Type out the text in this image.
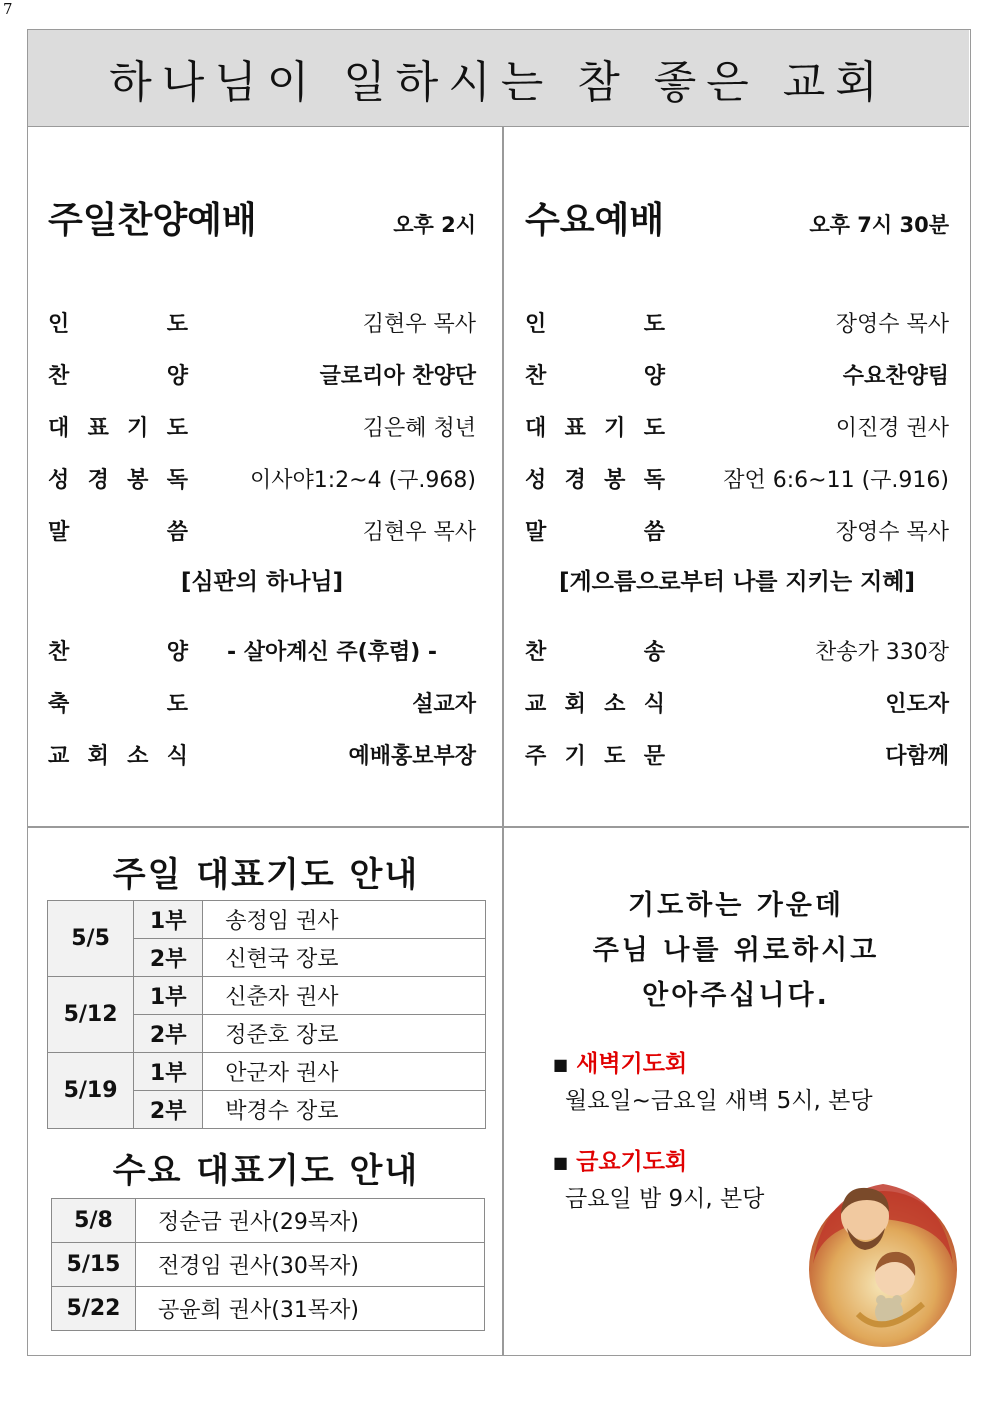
7
하나님이 일하시는 참 좋은 교회
주일찬양예배	오후 2시
인	도	김현우 목사
찬	양	글로리아 찬양단
대 표 기 도	김은혜 청년
성 경 봉 독	이사야1:2~4 (구.968)
말	씀	김현우 목사
[심판의 하나님]
찬	양	- 살아계신 주(후렴) -
축	도	설교자
교 회 소 식	예배홍보부장
수요예배	오후 7시 30분
인	도	장영수 목사
찬	양	수요찬양팀
대 표 기 도	이진경 권사
성 경 봉 독	잠언 6:6~11 (구.916)
말	씀	장영수 목사
[게으름으로부터 나를 지키는 지혜]
찬	송	찬송가 330장
교 회 소 식	인도자
주 기 도 문	다함께
주일 대표기도 안내
5/5	1부	송정임 권사
	2부	신현국 장로
5/12	1부	신춘자 권사
	2부	정준호 장로
5/19	1부	안군자 권사
	2부	박경수 장로
수요 대표기도 안내
5/8	정순금 권사(29목자)
5/15	전경임 권사(30목자)
5/22	공윤희 권사(31목자)
기도하는 가운데
주님 나를 위로하시고
안아주십니다.
■ 새벽기도회
월요일~금요일 새벽 5시, 본당
■ 금요기도회
금요일 밤 9시, 본당
